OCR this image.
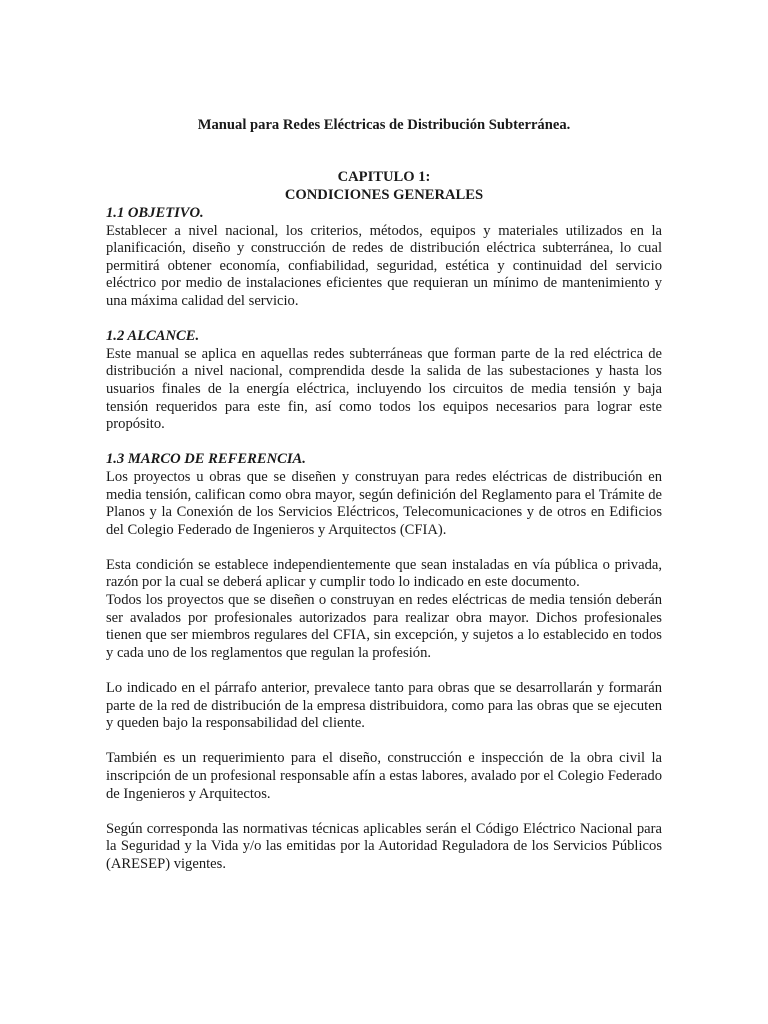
Manual para Redes Eléctricas de Distribución Subterránea.
CAPITULO 1:
CONDICIONES GENERALES

1.1 OBJETIVO.

Establecer a nivel nacional, los criterios, métodos, equipos y materiales utilizados en la planificación, diseño y construcción de redes de distribución eléctrica subterránea, lo cual permitirá obtener economía, confiabilidad, seguridad, estética y continuidad del servicio eléctrico por medio de instalaciones eficientes que requieran un mínimo de mantenimiento y una máxima calidad del servicio.

1.2 ALCANCE.

Este manual se aplica en aquellas redes subterráneas que forman parte de la red eléctrica de distribución a nivel nacional, comprendida desde la salida de las subestaciones y hasta los usuarios finales de la energía eléctrica, incluyendo los circuitos de media tensión y baja tensión requeridos para este fin, así como todos los equipos necesarios para lograr este propósito.

1.3 MARCO DE REFERENCIA.

Los proyectos u obras que se diseñen y construyan para redes eléctricas de distribución en media tensión, califican como obra mayor, según definición del Reglamento para el Trámite de Planos y la Conexión de los Servicios Eléctricos, Telecomunicaciones y de otros en Edificios del Colegio Federado de Ingenieros y Arquitectos (CFIA).

Esta condición se establece independientemente que sean instaladas en vía pública o privada, razón por la cual se deberá aplicar y cumplir todo lo indicado en este documento.

Todos los proyectos que se diseñen o construyan en redes eléctricas de media tensión deberán ser avalados por profesionales autorizados para realizar obra mayor. Dichos profesionales tienen que ser miembros regulares del CFIA, sin excepción, y sujetos a lo establecido en todos y cada uno de los reglamentos que regulan la profesión.

Lo indicado en el párrafo anterior, prevalece tanto para obras que se desarrollarán y formarán parte de la red de distribución de la empresa distribuidora, como para las obras que se ejecuten y queden bajo la responsabilidad del cliente.

También es un requerimiento para el diseño, construcción e inspección de la obra civil la inscripción de un profesional responsable afín a estas labores, avalado por el Colegio Federado de Ingenieros y Arquitectos.

Según corresponda las normativas técnicas aplicables serán el Código Eléctrico Nacional para la Seguridad y la Vida y/o las emitidas por la Autoridad Reguladora de los Servicios Públicos (ARESEP) vigentes.
